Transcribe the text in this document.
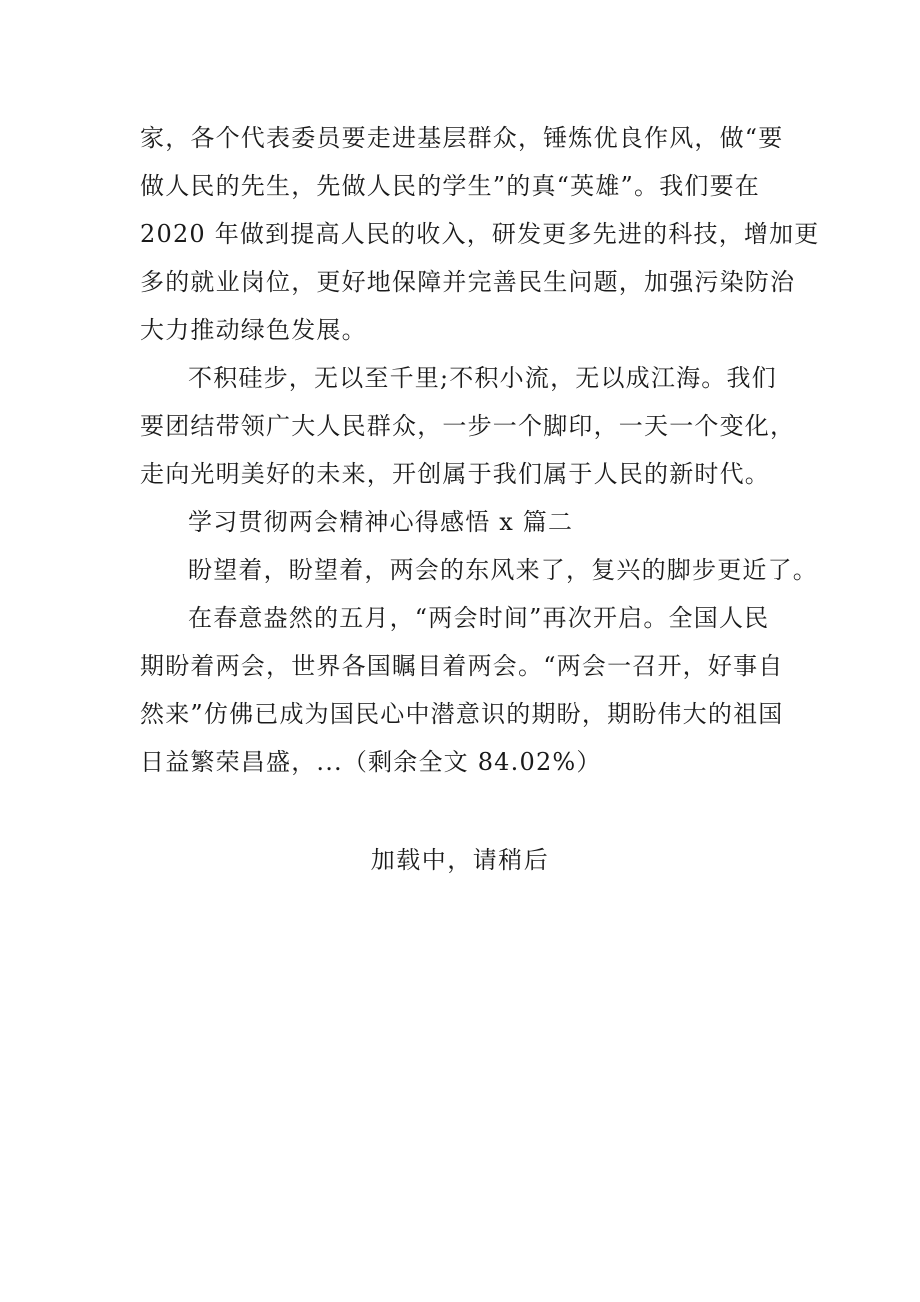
家，各个代表委员要走进基层群众，锤炼优良作风，做“要
做人民的先生，先做人民的学生”的真“英雄”。我们要在
2020 年做到提高人民的收入，研发更多先进的科技，增加更
多的就业岗位，更好地保障并完善民生问题，加强污染防治
大力推动绿色发展。
不积硅步，无以至千里;不积小流，无以成江海。我们
要团结带领广大人民群众，一步一个脚印，一天一个变化，
走向光明美好的未来，开创属于我们属于人民的新时代。
学习贯彻两会精神心得感悟 x 篇二
盼望着，盼望着，两会的东风来了，复兴的脚步更近了。
在春意盎然的五月，“两会时间”再次开启。全国人民
期盼着两会，世界各国瞩目着两会。“两会一召开，好事自
然来”仿佛已成为国民心中潜意识的期盼，期盼伟大的祖国
日益繁荣昌盛，...（剩余全文 84.02%）
加载中，请稍后
